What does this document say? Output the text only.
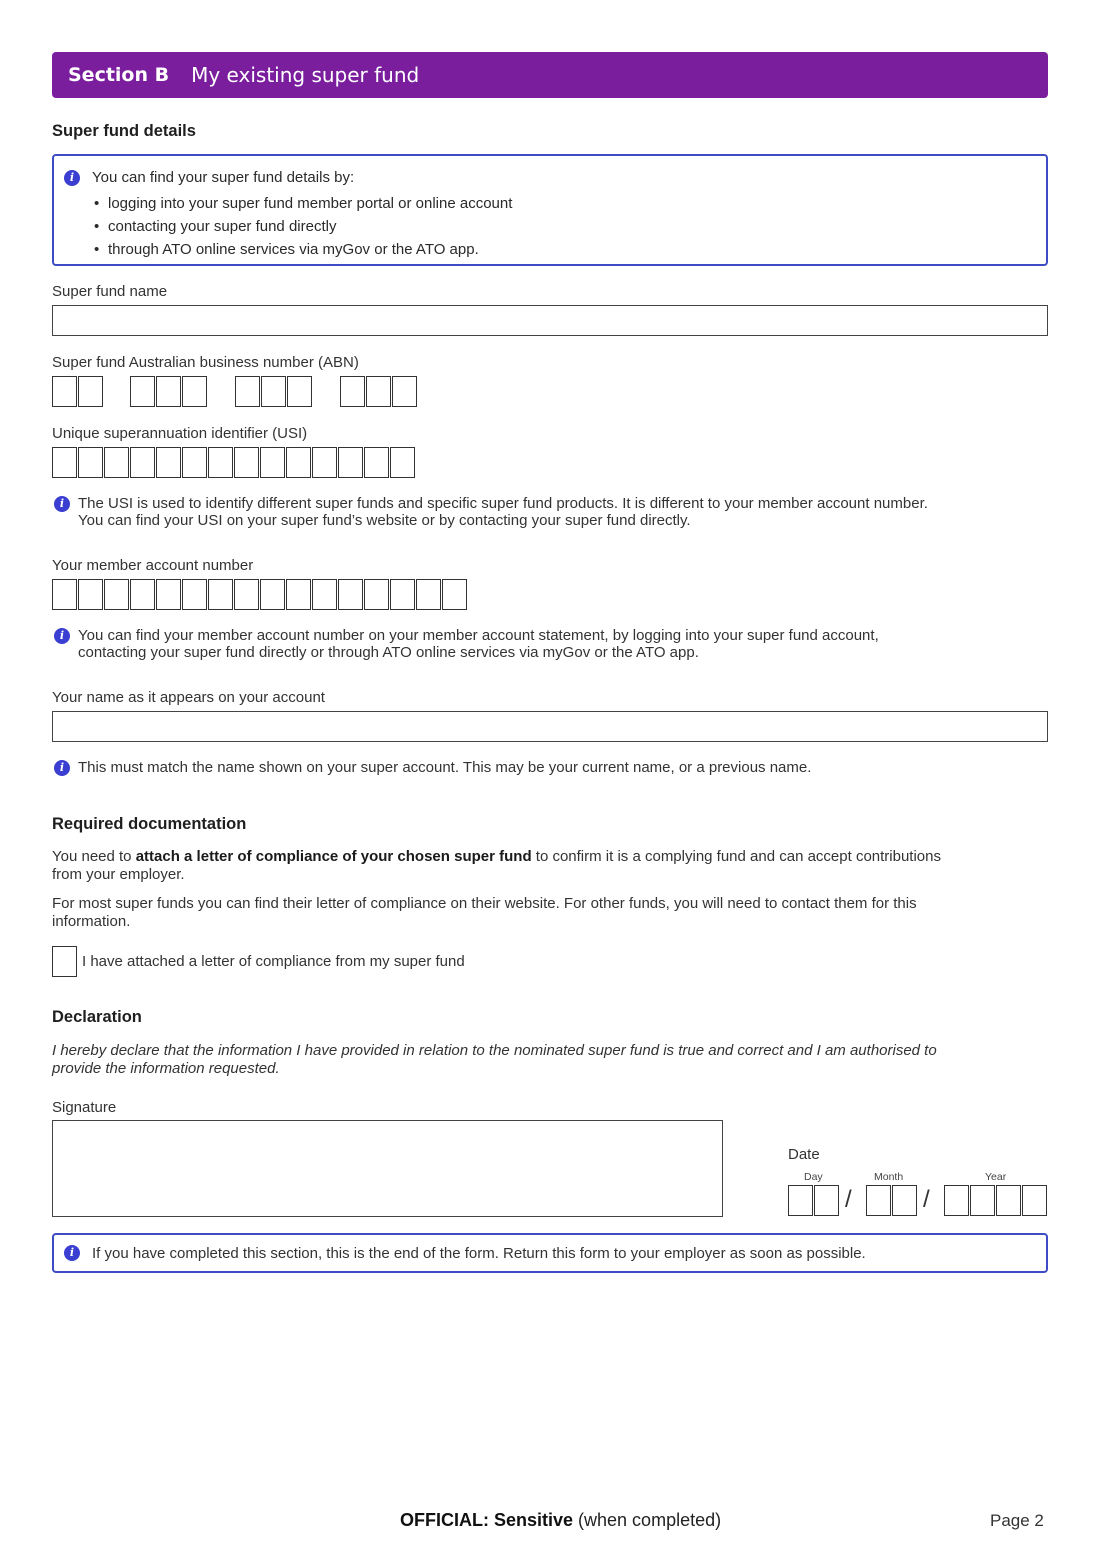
Section B My existing super fund
Super fund details
i	You can find your super fund details by:
• logging into your super fund member portal or online account
• contacting your super fund directly
• through ATO online services via myGov or the ATO app.
Super fund name
Super fund Australian business number (ABN)
Unique superannuation identifier (USI)
i The USI is used to identify different super funds and specific super fund products. It is different to your member account number.
You can find your USI on your super fund’s website or by contacting your super fund directly.
Your member account number
i You can find your member account number on your member account statement, by logging into your super fund account,
contacting your super fund directly or through ATO online services via myGov or the ATO app.
Your name as it appears on your account
i This must match the name shown on your super account. This may be your current name, or a previous name.
Required documentation
You need to attach a letter of compliance of your chosen super fund to confirm it is a complying fund and can accept contributions
from your employer.
For most super funds you can find their letter of compliance on their website. For other funds, you will need to contact them for this
information.
I have attached a letter of compliance from my super fund
Declaration
I hereby declare that the information I have provided in relation to the nominated super fund is true and correct and I am authorised to
provide the information requested.
Signature
Date
Day	Month	Year
/	/
i	If you have completed this section, this is the end of the form. Return this form to your employer as soon as possible.
OFFICIAL: Sensitive (when completed)	Page 2
